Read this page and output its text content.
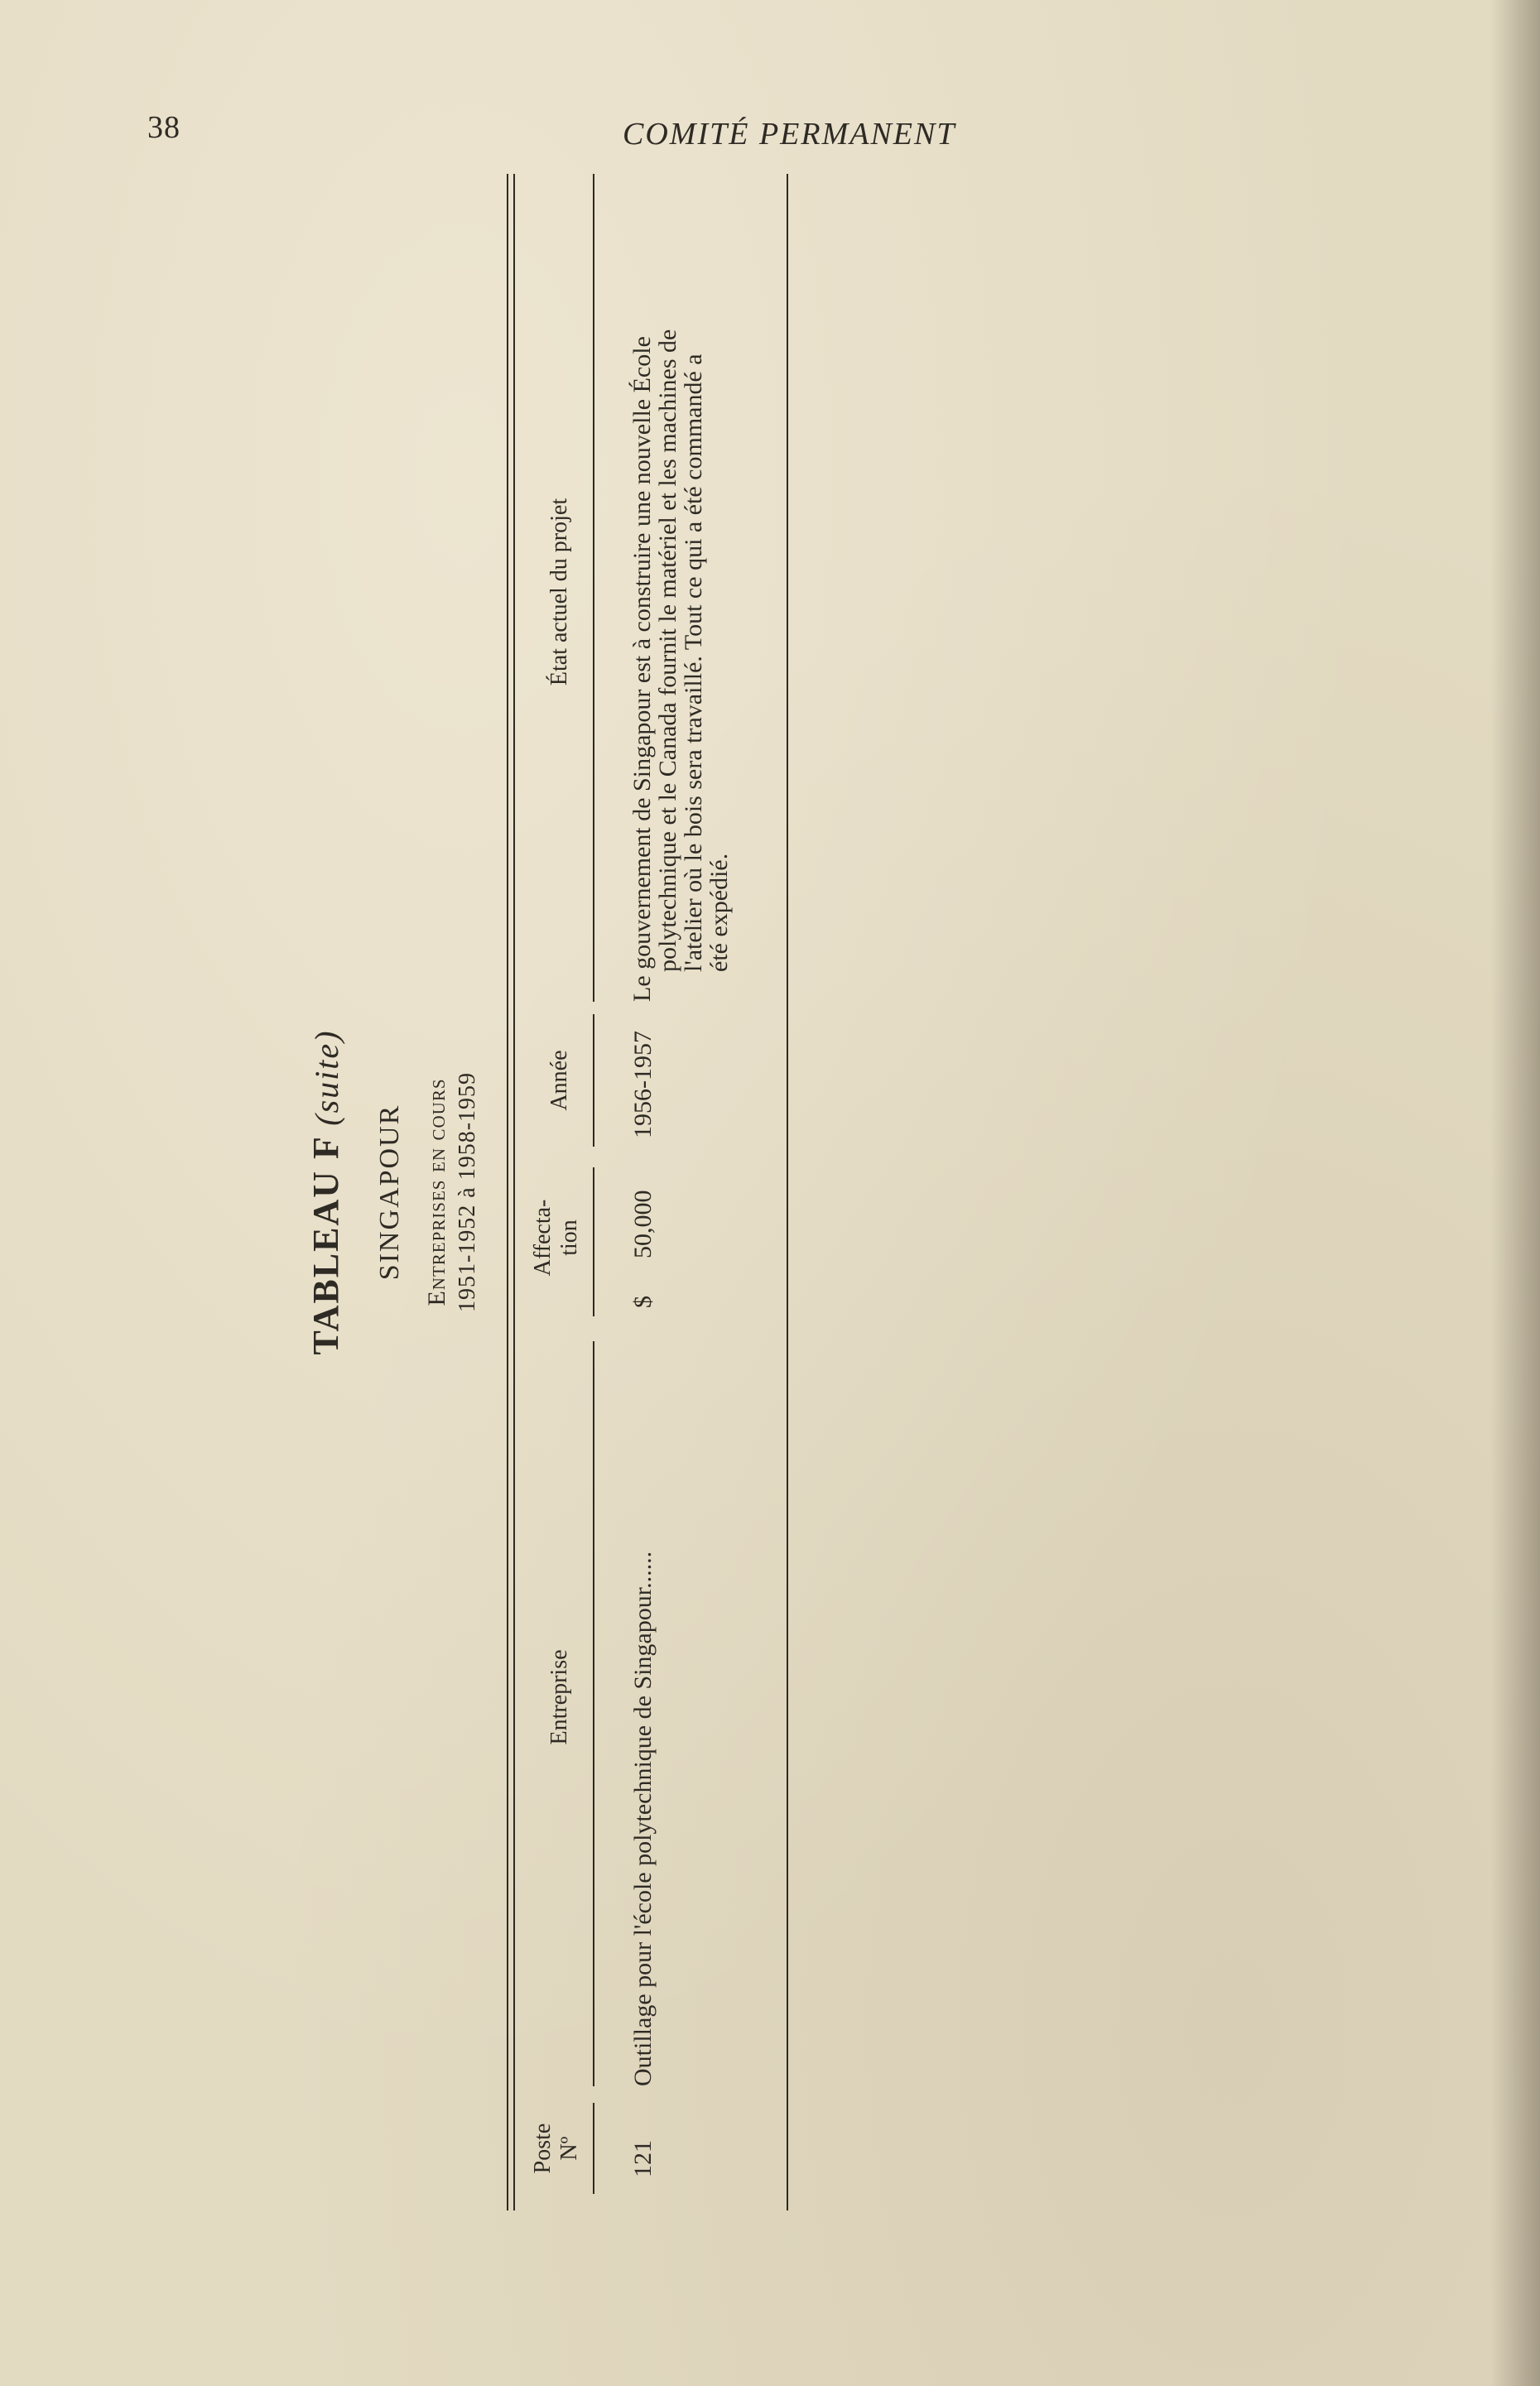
38	COMITÉ PERMANENT
TABLEAU F (suite)
SINGAPOUR Entreprises en cours 1951-1952 à 1958-1959
Poste
Nº
Entreprise
Affecta-
tion
Année
État actuel du projet
121
Outillage pour l'école polytechnique de Singapour......
$
50,000
1956-1957
Le gouvernement de Singapour est à construire une nouvelle École
polytechnique et le Canada fournit le matériel et les machines de
l'atelier où le bois sera travaillé. Tout ce qui a été commandé a
été expédié.
